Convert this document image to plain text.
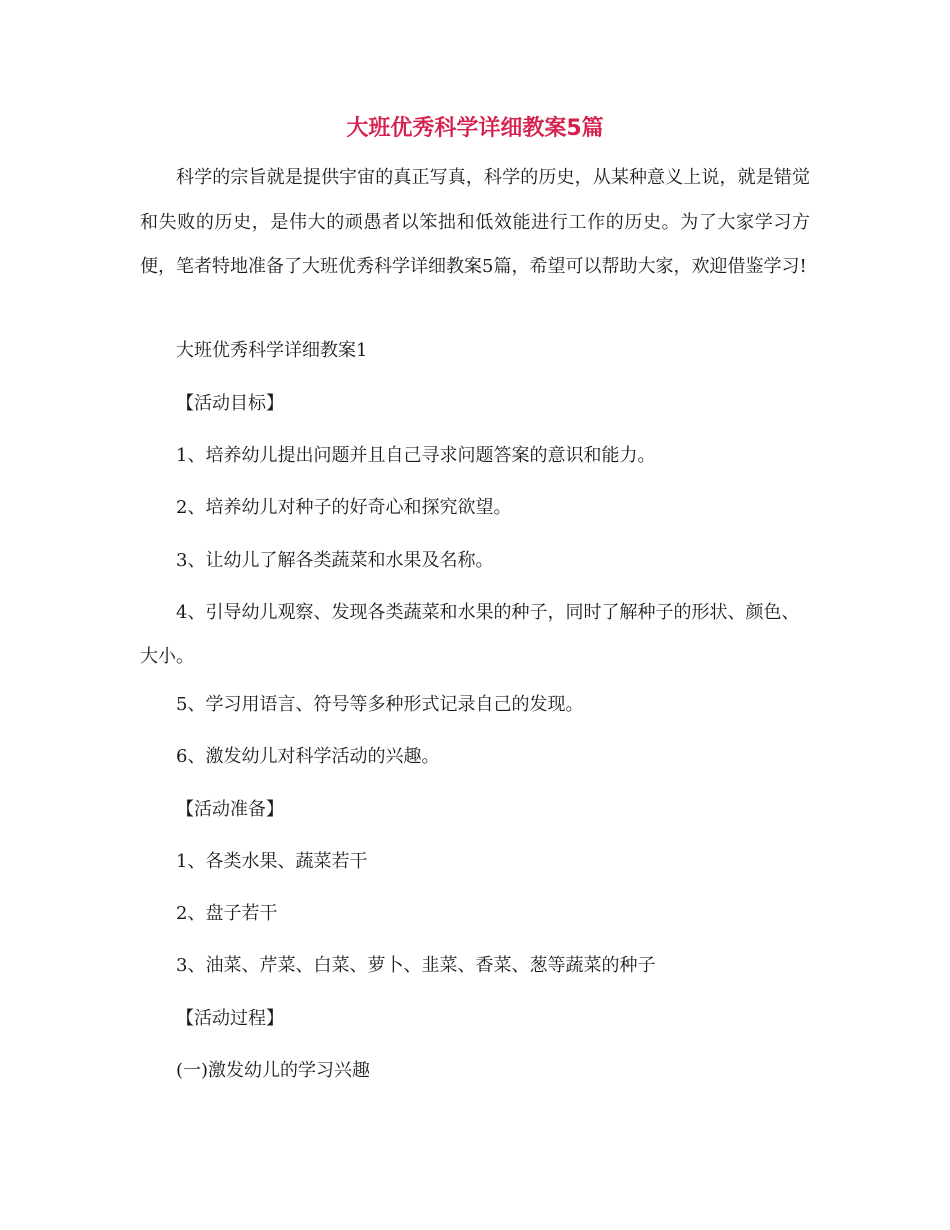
大班优秀科学详细教案5篇

科学的宗旨就是提供宇宙的真正写真，科学的历史，从某种意义上说，就是错觉和失败的历史，是伟大的顽愚者以笨拙和低效能进行工作的历史。为了大家学习方便，笔者特地准备了大班优秀科学详细教案5篇，希望可以帮助大家，欢迎借鉴学习!

大班优秀科学详细教案1

【活动目标】

1、培养幼儿提出问题并且自己寻求问题答案的意识和能力。

2、培养幼儿对种子的好奇心和探究欲望。

3、让幼儿了解各类蔬菜和水果及名称。

4、引导幼儿观察、发现各类蔬菜和水果的种子，同时了解种子的形状、颜色、大小。

5、学习用语言、符号等多种形式记录自己的发现。

6、激发幼儿对科学活动的兴趣。

【活动准备】

1、各类水果、蔬菜若干

2、盘子若干

3、油菜、芹菜、白菜、萝卜、韭菜、香菜、葱等蔬菜的种子

【活动过程】

(一)激发幼儿的学习兴趣
